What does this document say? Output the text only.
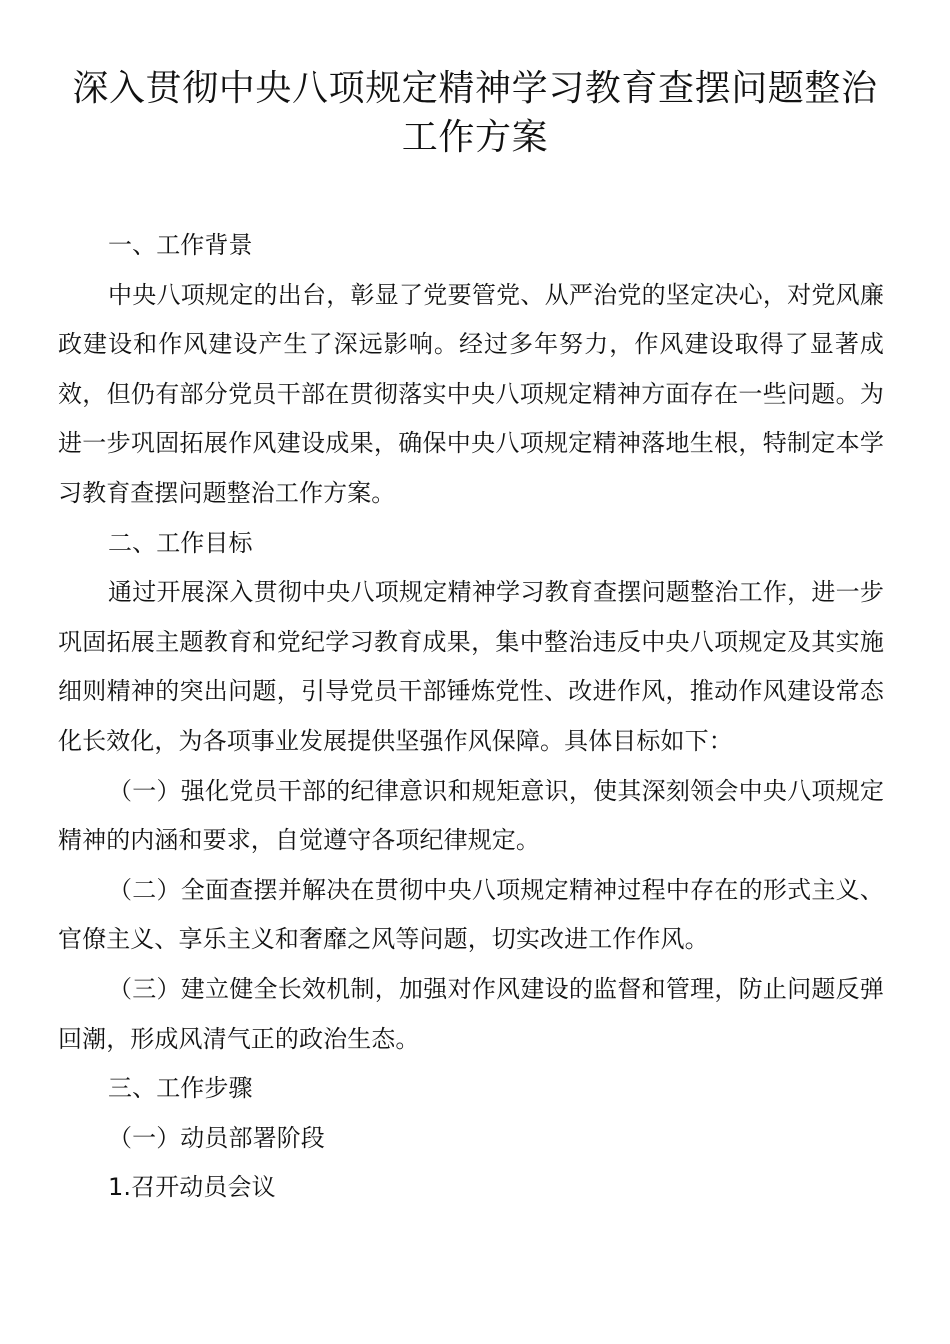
深入贯彻中央八项规定精神学习教育查摆问题整治工作方案

一、工作背景

中央八项规定的出台，彰显了党要管党、从严治党的坚定决心，对党风廉政建设和作风建设产生了深远影响。经过多年努力，作风建设取得了显著成效，但仍有部分党员干部在贯彻落实中央八项规定精神方面存在一些问题。为进一步巩固拓展作风建设成果，确保中央八项规定精神落地生根，特制定本学习教育查摆问题整治工作方案。

二、工作目标

通过开展深入贯彻中央八项规定精神学习教育查摆问题整治工作，进一步巩固拓展主题教育和党纪学习教育成果，集中整治违反中央八项规定及其实施细则精神的突出问题，引导党员干部锤炼党性、改进作风，推动作风建设常态化长效化，为各项事业发展提供坚强作风保障。具体目标如下：

（一）强化党员干部的纪律意识和规矩意识，使其深刻领会中央八项规定精神的内涵和要求，自觉遵守各项纪律规定。

（二）全面查摆并解决在贯彻中央八项规定精神过程中存在的形式主义、官僚主义、享乐主义和奢靡之风等问题，切实改进工作作风。

（三）建立健全长效机制，加强对作风建设的监督和管理，防止问题反弹回潮，形成风清气正的政治生态。

三、工作步骤

（一）动员部署阶段

1.召开动员会议
